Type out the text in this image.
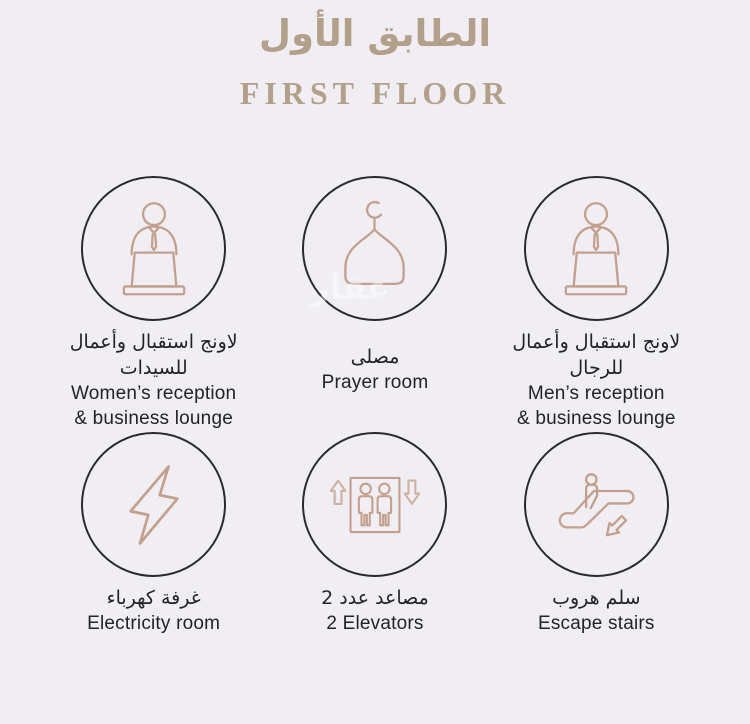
الطابق الأول
FIRST FLOOR
لاونج استقبال وأعمال للسيدات
Women’s reception
& business lounge
مصلى
Prayer room
لاونج استقبال وأعمال للرجال
Men’s reception
& business lounge
غرفة كهرباء
Electricity room
مصاعد عدد 2
2 Elevators
سلم هروب
Escape stairs
عقار
